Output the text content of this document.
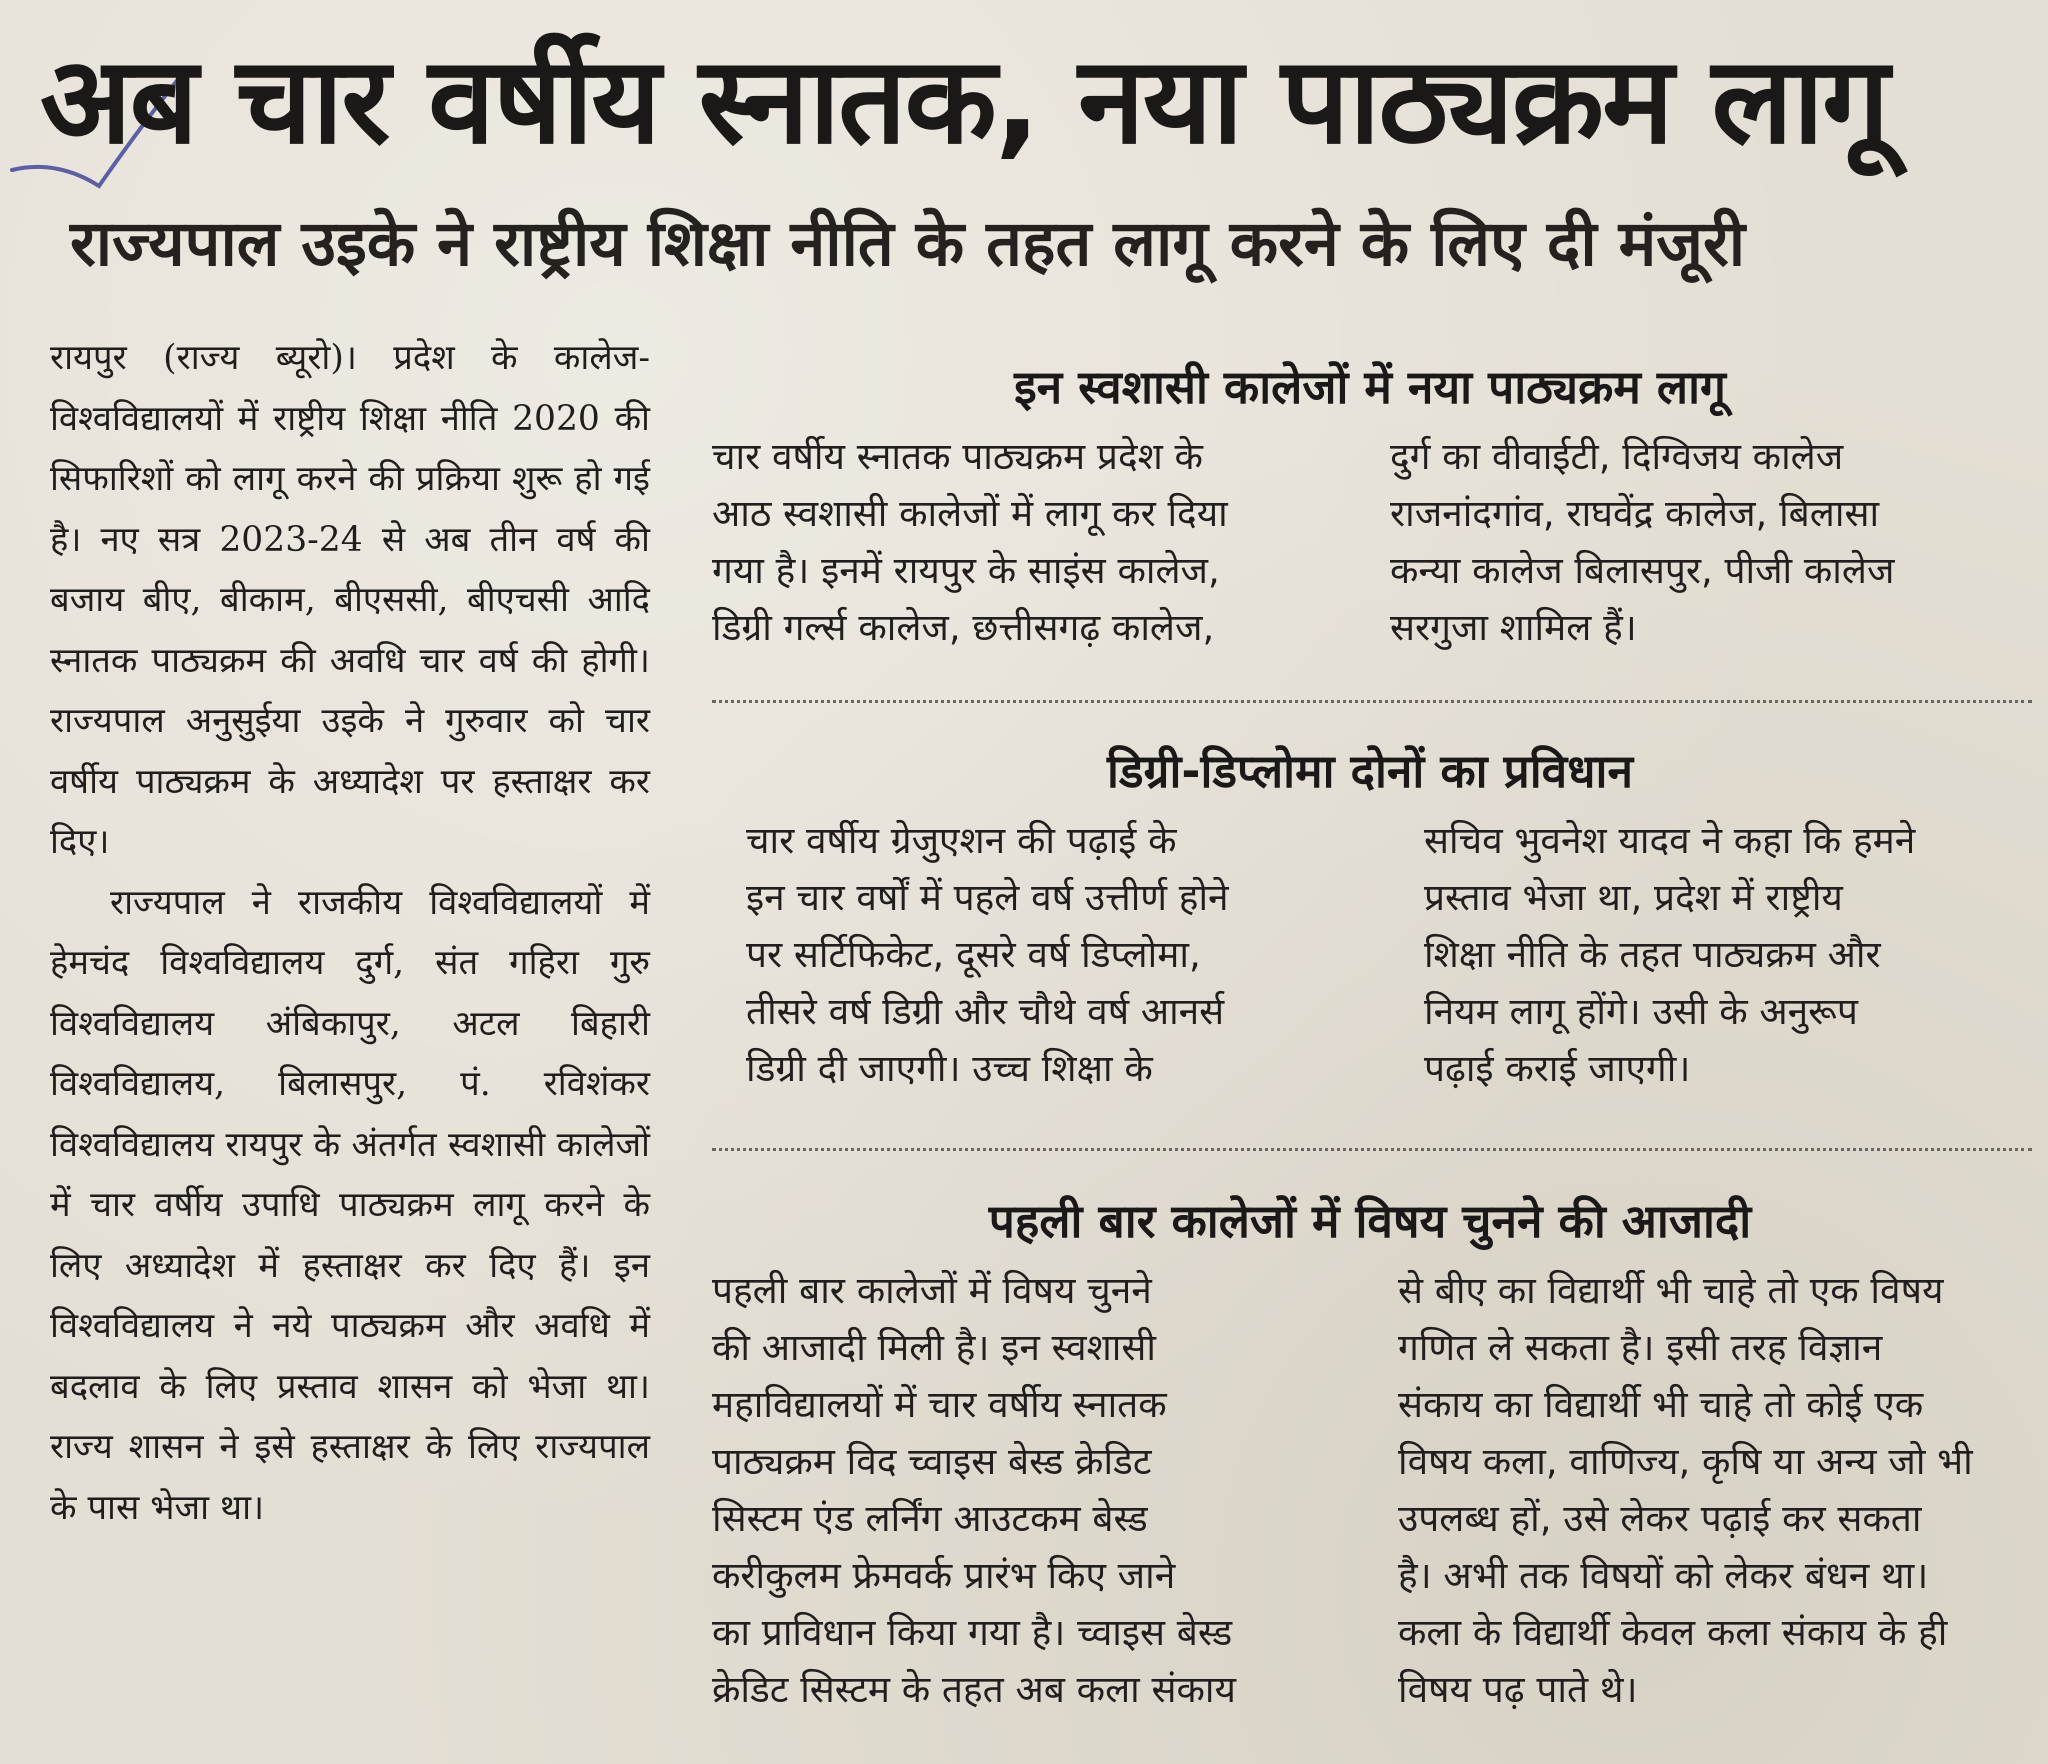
अब चार वर्षीय स्नातक, नया पाठ्यक्रम लागू
राज्यपाल उइके ने राष्ट्रीय शिक्षा नीति के तहत लागू करने के लिए दी मंजूरी

रायपुर (राज्य ब्यूरो)। प्रदेश के कालेज-विश्वविद्यालयों में राष्ट्रीय शिक्षा नीति 2020 की सिफारिशों को लागू करने की प्रक्रिया शुरू हो गई है। नए सत्र 2023-24 से अब तीन वर्ष की बजाय बीए, बीकाम, बीएससी, बीएचसी आदि स्नातक पाठ्यक्रम की अवधि चार वर्ष की होगी। राज्यपाल अनुसुईया उइके ने गुरुवार को चार वर्षीय पाठ्यक्रम के अध्यादेश पर हस्ताक्षर कर दिए।

राज्यपाल ने राजकीय विश्वविद्यालयों में हेमचंद विश्वविद्यालय दुर्ग, संत गहिरा गुरु विश्वविद्यालय अंबिकापुर, अटल बिहारी विश्वविद्यालय, बिलासपुर, पं. रविशंकर विश्वविद्यालय रायपुर के अंतर्गत स्वशासी कालेजों में चार वर्षीय उपाधि पाठ्यक्रम लागू करने के लिए अध्यादेश में हस्ताक्षर कर दिए हैं। इन विश्वविद्यालय ने नये पाठ्यक्रम और अवधि में बदलाव के लिए प्रस्ताव शासन को भेजा था। राज्य शासन ने इसे हस्ताक्षर के लिए राज्यपाल के पास भेजा था।

इन स्वशासी कालेजों में नया पाठ्यक्रम लागू
चार वर्षीय स्नातक पाठ्यक्रम प्रदेश के
आठ स्वशासी कालेजों में लागू कर दिया
गया है। इनमें रायपुर के साइंस कालेज,
डिग्री गर्ल्स कालेज, छत्तीसगढ़ कालेज,
दुर्ग का वीवाईटी, दिग्विजय कालेज
राजनांदगांव, राघवेंद्र कालेज, बिलासा
कन्या कालेज बिलासपुर, पीजी कालेज
सरगुजा शामिल हैं।
डिग्री-डिप्लोमा दोनों का प्रविधान
चार वर्षीय ग्रेजुएशन की पढ़ाई के
इन चार वर्षों में पहले वर्ष उत्तीर्ण होने
पर सर्टिफिकेट, दूसरे वर्ष डिप्लोमा,
तीसरे वर्ष डिग्री और चौथे वर्ष आनर्स
डिग्री दी जाएगी। उच्च शिक्षा के
सचिव भुवनेश यादव ने कहा कि हमने
प्रस्ताव भेजा था, प्रदेश में राष्ट्रीय
शिक्षा नीति के तहत पाठ्यक्रम और
नियम लागू होंगे। उसी के अनुरूप
पढ़ाई कराई जाएगी।
पहली बार कालेजों में विषय चुनने की आजादी
पहली बार कालेजों में विषय चुनने
की आजादी मिली है। इन स्वशासी
महाविद्यालयों में चार वर्षीय स्नातक
पाठ्यक्रम विद च्वाइस बेस्ड क्रेडिट
सिस्टम एंड लर्निंग आउटकम बेस्ड
करीकुलम फ्रेमवर्क प्रारंभ किए जाने
का प्राविधान किया गया है। च्वाइस बेस्ड
क्रेडिट सिस्टम के तहत अब कला संकाय
से बीए का विद्यार्थी भी चाहे तो एक विषय
गणित ले सकता है। इसी तरह विज्ञान
संकाय का विद्यार्थी भी चाहे तो कोई एक
विषय कला, वाणिज्य, कृषि या अन्य जो भी
उपलब्ध हों, उसे लेकर पढ़ाई कर सकता
है। अभी तक विषयों को लेकर बंधन था।
कला के विद्यार्थी केवल कला संकाय के ही
विषय पढ़ पाते थे।
